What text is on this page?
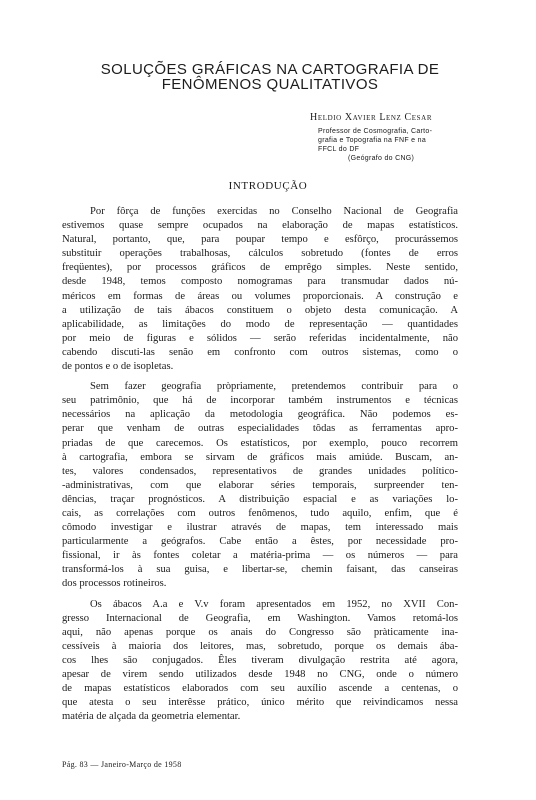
SOLUÇÕES GRÁFICAS NA CARTOGRAFIA DE
FENÔMENOS QUALITATIVOS
Heldio Xavier Lenz Cesar
Professor de Cosmografia, Carto-
grafia e Topografia na FNF e na
FFCL do DF
(Geógrafo do CNG)
INTRODUÇÃO

Por fôrça de funções exercidas no Conselho Nacional de Geografia
estivemos quase sempre ocupados na elaboração de mapas estatísticos.
Natural, portanto, que, para poupar tempo e esfôrço, procurássemos
substituir operações trabalhosas, cálculos sobretudo (fontes de erros
freqüentes), por processos gráficos de emprêgo simples. Neste sentido,
desde 1948, temos composto nomogramas para transmudar dados nú-
méricos em formas de áreas ou volumes proporcionais. A construção e
a utilização de tais ábacos constituem o objeto desta comunicação. A
aplicabilidade, as limitações do modo de representação — quantidades
por meio de figuras e sólidos — serão referidas incidentalmente, não
cabendo discuti-las senão em confronto com outros sistemas, como o
de pontos e o de isopletas.

Sem fazer geografia pròpriamente, pretendemos contribuir para o
seu patrimônio, que há de incorporar também instrumentos e técnicas
necessários na aplicação da metodologia geográfica. Não podemos es-
perar que venham de outras especialidades tôdas as ferramentas apro-
priadas de que carecemos. Os estatísticos, por exemplo, pouco recorrem
à cartografia, embora se sirvam de gráficos mais amiúde. Buscam, an-
tes, valores condensados, representativos de grandes unidades político-
-administrativas, com que elaborar séries temporais, surpreender ten-
dências, traçar prognósticos. A distribuição espacial e as variações lo-
cais, as correlações com outros fenômenos, tudo aquilo, enfim, que é
cômodo investigar e ilustrar através de mapas, tem interessado mais
particularmente a geógrafos. Cabe então a êstes, por necessidade pro-
fissional, ir às fontes coletar a matéria-prima — os números — para
transformá-los à sua guisa, e libertar-se, chemin faisant, das canseiras
dos processos rotineiros.

Os ábacos A.a e V.v foram apresentados em 1952, no XVII Con-
gresso Internacional de Geografia, em Washington. Vamos retomá-los
aqui, não apenas porque os anais do Congresso são pràticamente ina-
cessíveis à maioria dos leitores, mas, sobretudo, porque os demais ába-
cos lhes são conjugados. Êles tiveram divulgação restrita até agora,
apesar de virem sendo utilizados desde 1948 no CNG, onde o número
de mapas estatísticos elaborados com seu auxílio ascende a centenas, o
que atesta o seu interêsse prático, único mérito que reivindicamos nessa
matéria de alçada da geometria elementar.

Pág. 83 — Janeiro-Março de 1958
